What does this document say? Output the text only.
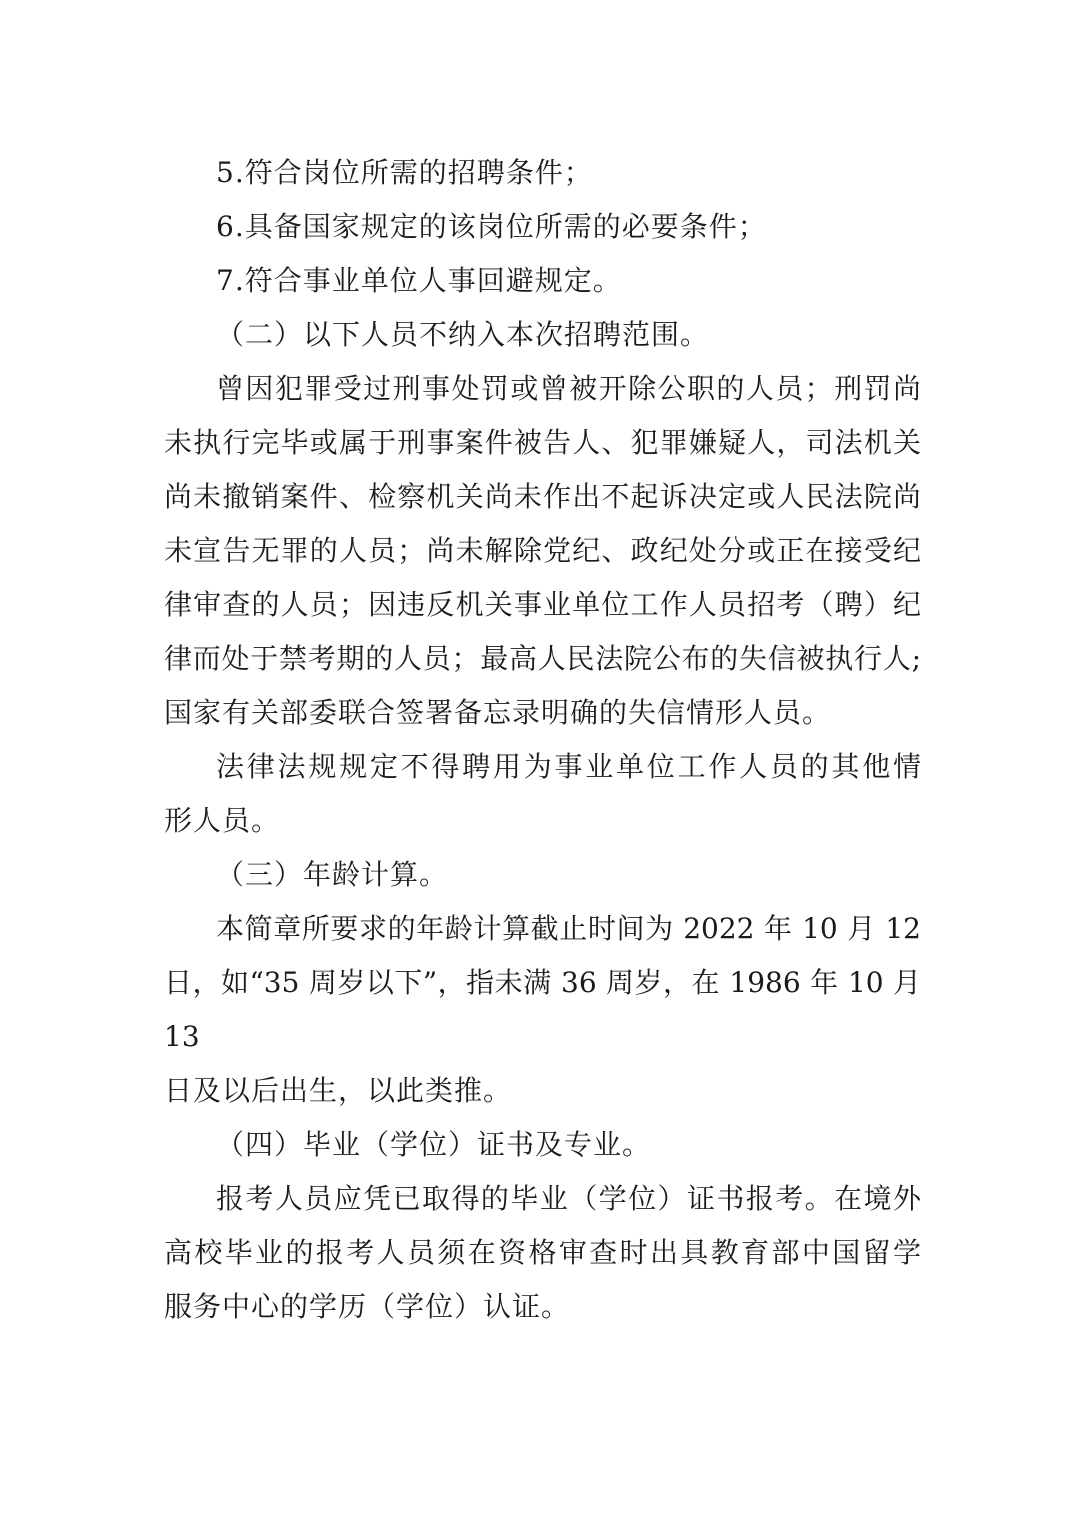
5.符合岗位所需的招聘条件；

6.具备国家规定的该岗位所需的必要条件；

7.符合事业单位人事回避规定。

（二）以下人员不纳入本次招聘范围。

曾因犯罪受过刑事处罚或曾被开除公职的人员；刑罚尚
未执行完毕或属于刑事案件被告人、犯罪嫌疑人，司法机关
尚未撤销案件、检察机关尚未作出不起诉决定或人民法院尚
未宣告无罪的人员；尚未解除党纪、政纪处分或正在接受纪
律审查的人员；因违反机关事业单位工作人员招考（聘）纪
律而处于禁考期的人员；最高人民法院公布的失信被执行人;
国家有关部委联合签署备忘录明确的失信情形人员。

法律法规规定不得聘用为事业单位工作人员的其他情
形人员。

（三）年龄计算。

本简章所要求的年龄计算截止时间为 2022 年 10 月 12
日，如“35 周岁以下”，指未满 36 周岁，在 1986 年 10 月 13
日及以后出生，以此类推。

（四）毕业（学位）证书及专业。

报考人员应凭已取得的毕业（学位）证书报考。在境外
高校毕业的报考人员须在资格审查时出具教育部中国留学
服务中心的学历（学位）认证。
